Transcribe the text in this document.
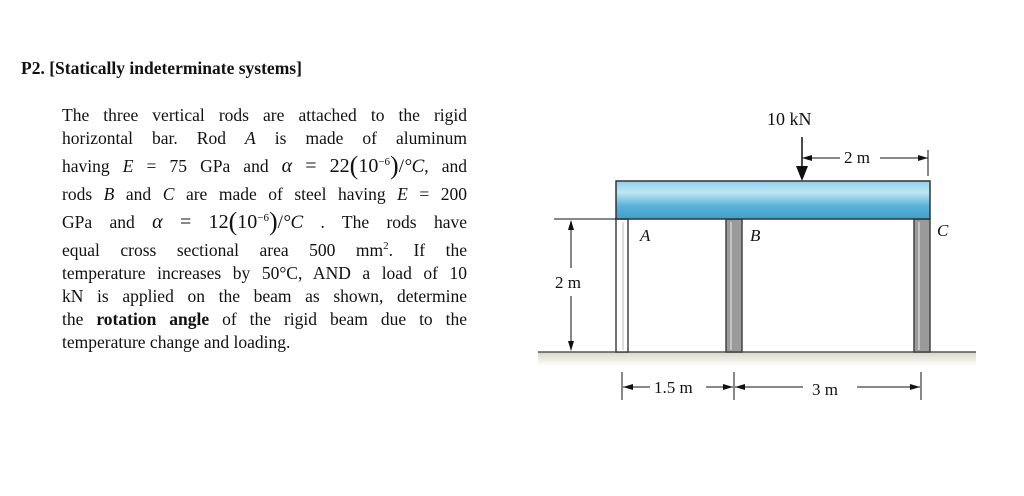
P2. [Statically indeterminate systems]
The three vertical rods are attached to the rigid
horizontal bar. Rod A is made of aluminum
having E = 75 GPa and $\alpha = 22(10^{-6})/^\circ C$, and
rods B and C are made of steel having E = 200
GPa and $\alpha = 12(10^{-6})/^\circ C$ . The rods have
equal cross sectional area 500 $mm^2$. If the
temperature increases by 50°C, AND a load of 10
kN is applied on the beam as shown, determine
the rotation angle of the rigid beam due to the
temperature change and loading.
A	B	C
10 kN
2 m
2 m
1.5 m	3 m
